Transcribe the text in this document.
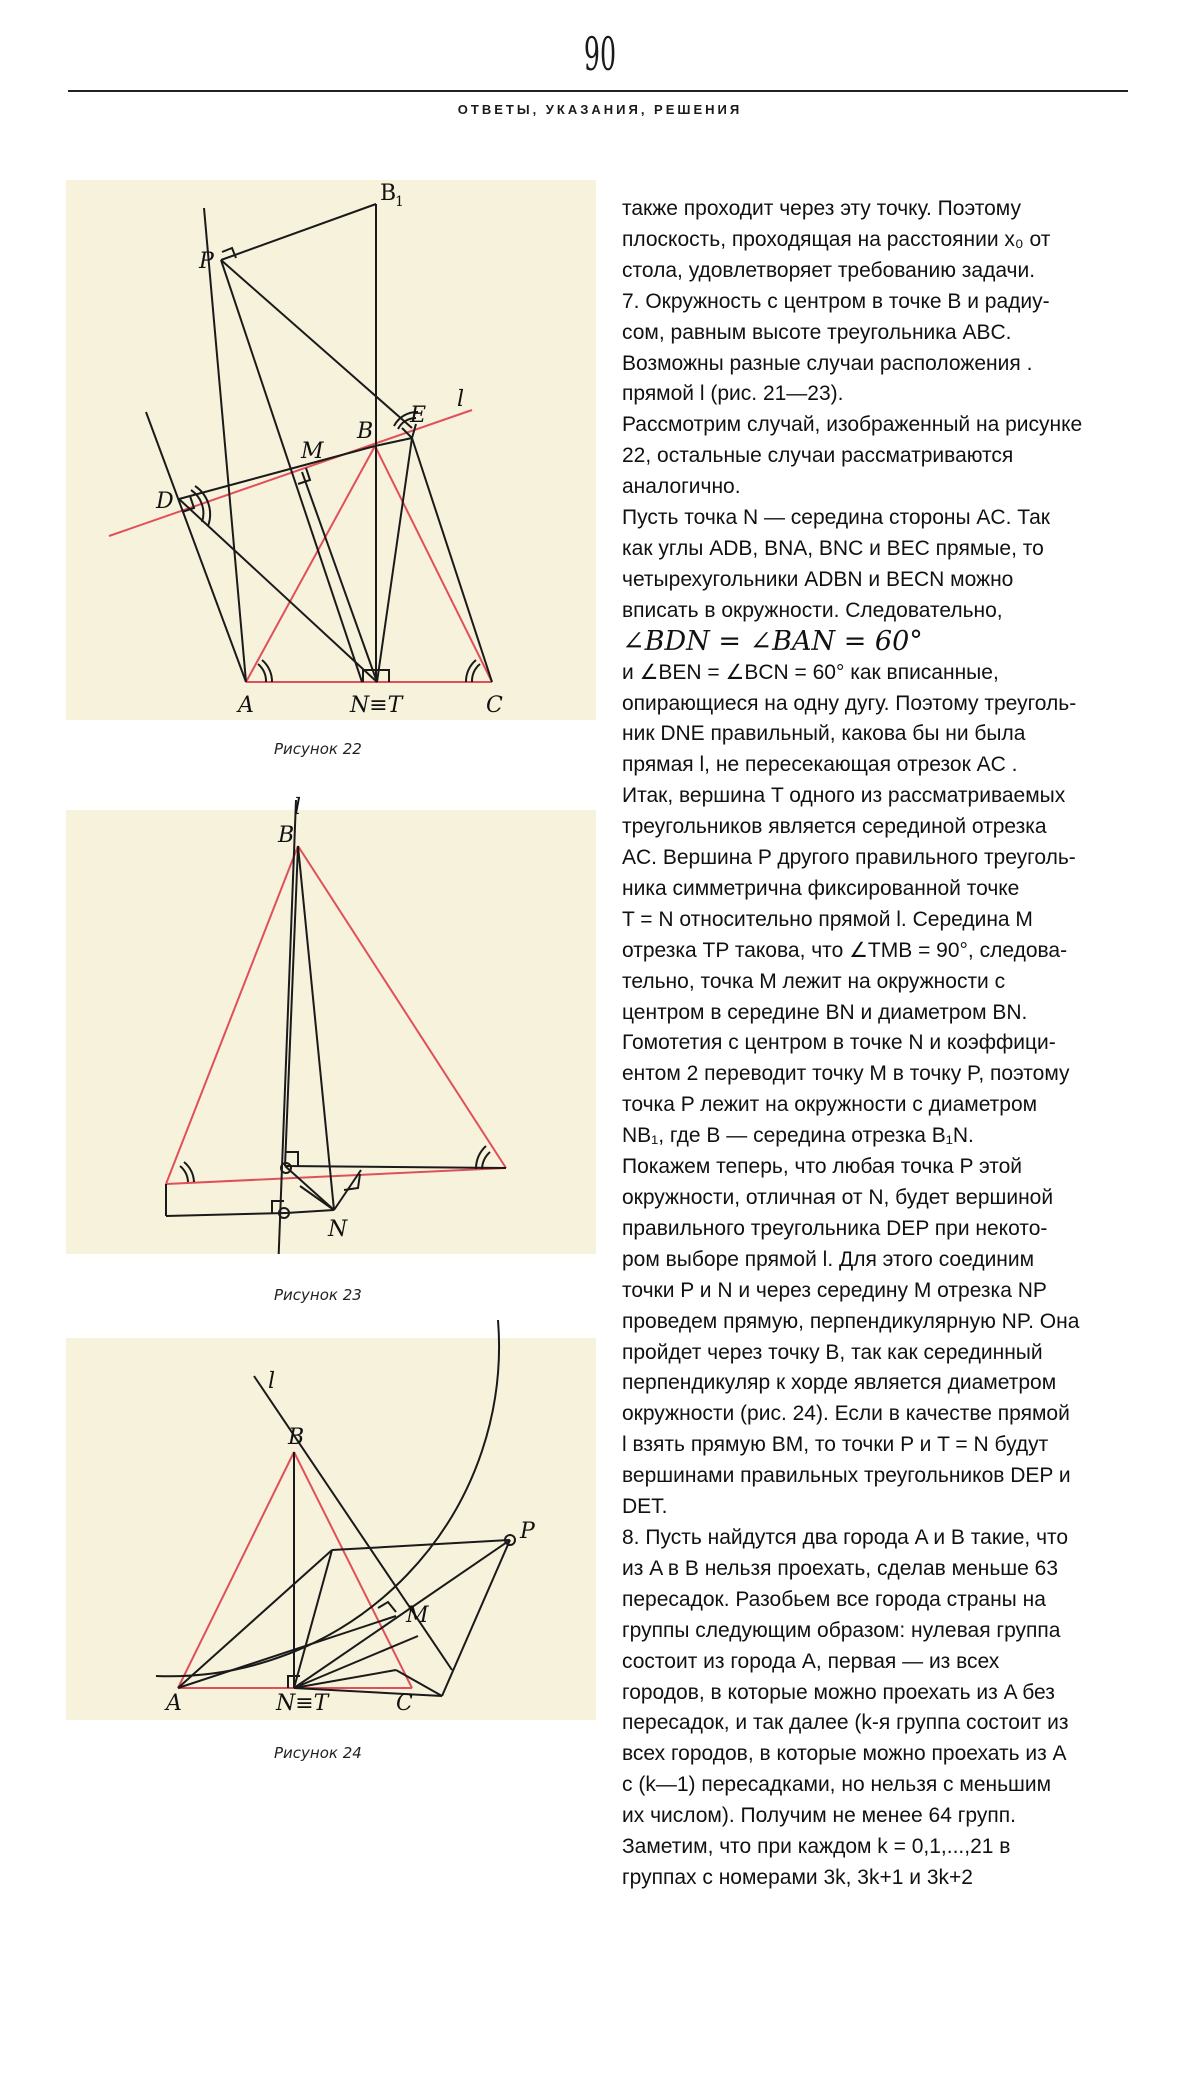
90
ОТВЕТЫ, УКАЗАНИЯ, РЕШЕНИЯ
B
1
P
B
E
l
M
D
A	N≡T	C
Рисунок 22
l
B
N
Рисунок 23
l
B
P
M
A	N≡T	C
Рисунок 24

также проходит через эту точку. Поэтому

плоскость, проходящая на расстоянии x₀ от

стола, удовлетворяет требованию задачи.

7. Окружность с центром в точке B и радиу-

сом, равным высоте треугольника ABC.

Возможны разные случаи расположения .

прямой l (рис. 21—23).

Рассмотрим случай, изображенный на рисунке

22, остальные случаи рассматриваются

аналогично.

Пусть точка N — середина стороны AC. Так

как углы ADB, BNA, BNC и BEC прямые, то

четырехугольники ADBN и BECN можно

вписать в окружности. Следовательно,

∠BDN = ∠BAN = 60°

и ∠BEN = ∠BCN = 60° как вписанные,

опирающиеся на одну дугу. Поэтому треуголь-

ник DNE правильный, какова бы ни была

прямая l, не пересекающая отрезок AC .

Итак, вершина T одного из рассматриваемых

треугольников является серединой отрезка

AC. Вершина P другого правильного треуголь-

ника симметрична фиксированной точке

T = N относительно прямой l. Середина M

отрезка TP такова, что ∠TMB = 90°, следова-

тельно, точка M лежит на окружности с

центром в середине BN и диаметром BN.

Гомотетия с центром в точке N и коэффици-

ентом 2 переводит точку M в точку P, поэтому

точка P лежит на окружности с диаметром

NB₁, где B — середина отрезка B₁N.

Покажем теперь, что любая точка P этой

окружности, отличная от N, будет вершиной

правильного треугольника DEP при некото-

ром выборе прямой l. Для этого соединим

точки P и N и через середину M отрезка NP

проведем прямую, перпендикулярную NP. Она

пройдет через точку B, так как серединный

перпендикуляр к хорде является диаметром

окружности (рис. 24). Если в качестве прямой

l взять прямую BM, то точки P и T = N будут

вершинами правильных треугольников DEP и

DET.

8. Пусть найдутся два города A и B такие, что

из A в B нельзя проехать, сделав меньше 63

пересадок. Разобьем все города страны на

группы следующим образом: нулевая группа

состоит из города A, первая — из всех

городов, в которые можно проехать из A без

пересадок, и так далее (k-я группа состоит из

всех городов, в которые можно проехать из A

с (k—1) пересадками, но нельзя с меньшим

их числом). Получим не менее 64 групп.

Заметим, что при каждом k = 0,1,...,21 в

группах с номерами 3k, 3k+1 и 3k+2
